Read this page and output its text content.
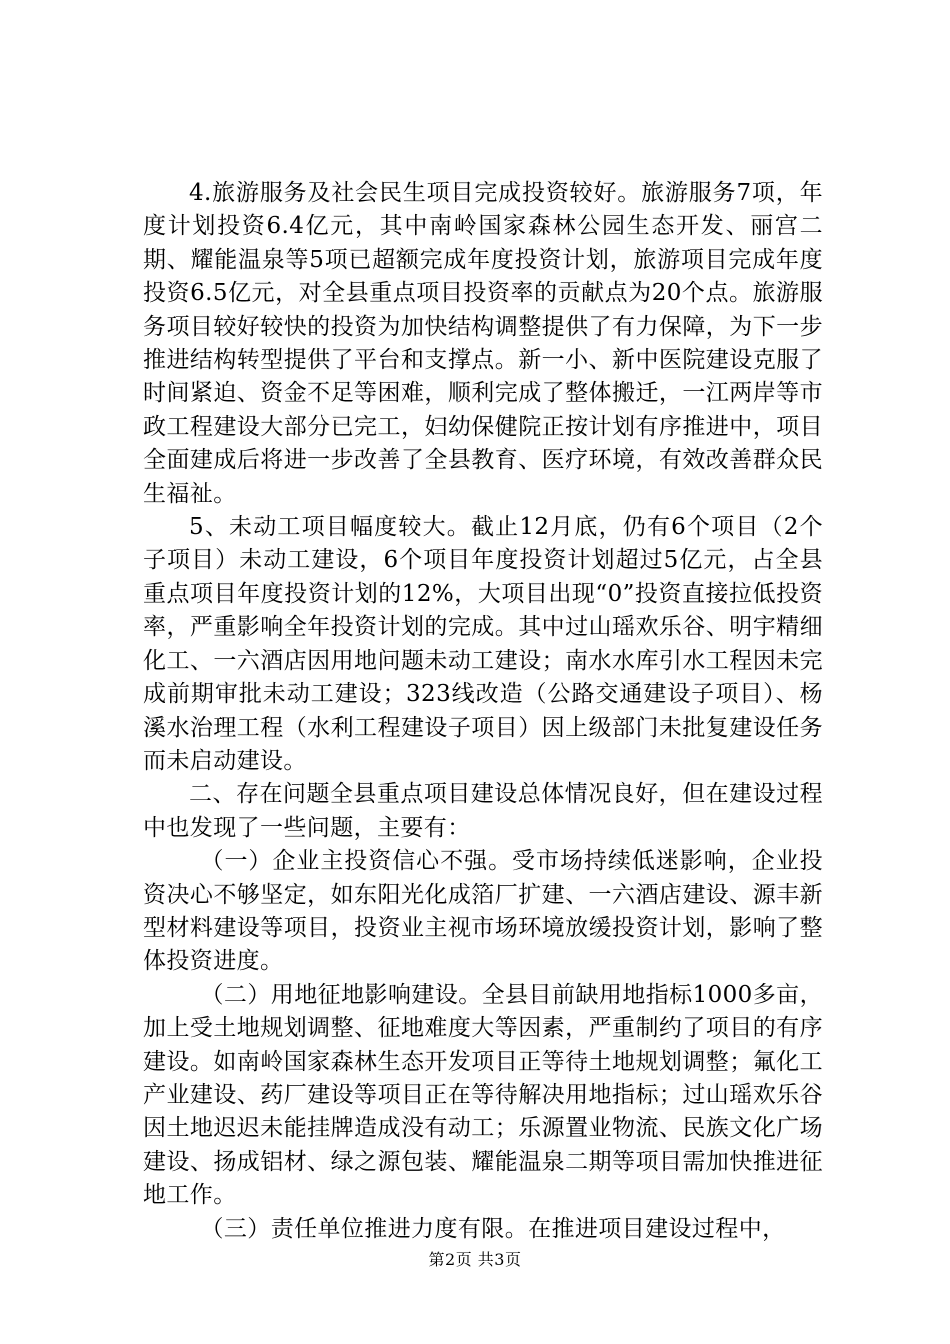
4.旅游服务及社会民生项目完成投资较好。旅游服务7项，年度计划投资6.4亿元，其中南岭国家森林公园生态开发、丽宫二期、耀能温泉等5项已超额完成年度投资计划，旅游项目完成年度投资6.5亿元，对全县重点项目投资率的贡献点为20个点。旅游服务项目较好较快的投资为加快结构调整提供了有力保障，为下一步推进结构转型提供了平台和支撑点。新一小、新中医院建设克服了时间紧迫、资金不足等困难，顺利完成了整体搬迁，一江两岸等市政工程建设大部分已完工，妇幼保健院正按计划有序推进中，项目全面建成后将进一步改善了全县教育、医疗环境，有效改善群众民生福祉。

5、未动工项目幅度较大。截止12月底，仍有6个项目（2个子项目）未动工建设，6个项目年度投资计划超过5亿元，占全县重点项目年度投资计划的12%，大项目出现“0”投资直接拉低投资率，严重影响全年投资计划的完成。其中过山瑶欢乐谷、明宇精细化工、一六酒店因用地问题未动工建设；南水水库引水工程因未完成前期审批未动工建设；323线改造（公路交通建设子项目）、杨溪水治理工程（水利工程建设子项目）因上级部门未批复建设任务而未启动建设。

二、存在问题全县重点项目建设总体情况良好，但在建设过程中也发现了一些问题，主要有：

（一）企业主投资信心不强。受市场持续低迷影响，企业投资决心不够坚定，如东阳光化成箔厂扩建、一六酒店建设、源丰新型材料建设等项目，投资业主视市场环境放缓投资计划，影响了整体投资进度。

（二）用地征地影响建设。全县目前缺用地指标1000多亩，加上受土地规划调整、征地难度大等因素，严重制约了项目的有序建设。如南岭国家森林生态开发项目正等待土地规划调整；氟化工产业建设、药厂建设等项目正在等待解决用地指标；过山瑶欢乐谷因土地迟迟未能挂牌造成没有动工；乐源置业物流、民族文化广场建设、扬成铝材、绿之源包装、耀能温泉二期等项目需加快推进征地工作。

（三）责任单位推进力度有限。在推进项目建设过程中，

第2页 共3页
